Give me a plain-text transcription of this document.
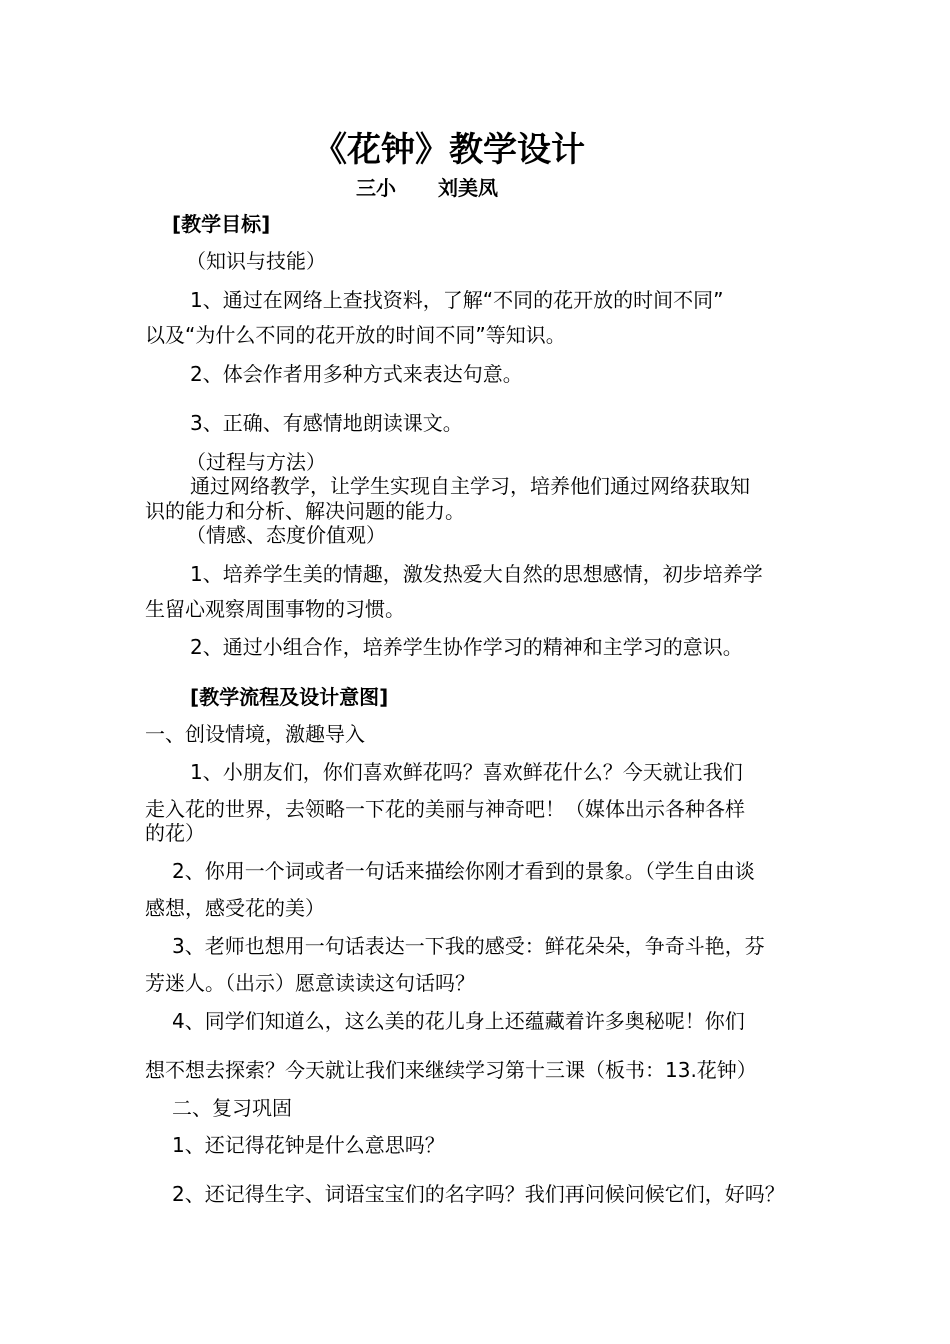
《花钟》教学设计
三小 刘美凤
[教学目标]
（知识与技能）
1、通过在网络上查找资料，了解“不同的花开放的时间不同”
以及“为什么不同的花开放的时间不同”等知识。
2、体会作者用多种方式来表达句意。
3、正确、有感情地朗读课文。
（过程与方法）
通过网络教学，让学生实现自主学习，培养他们通过网络获取知
识的能力和分析、解决问题的能力。
（情感、态度价值观）
1、培养学生美的情趣，激发热爱大自然的思想感情，初步培养学
生留心观察周围事物的习惯。
2、通过小组合作，培养学生协作学习的精神和主学习的意识。
[教学流程及设计意图]
一、创设情境，激趣导入
1、小朋友们，你们喜欢鲜花吗？喜欢鲜花什么？今天就让我们
走入花的世界，去领略一下花的美丽与神奇吧！（媒体出示各种各样
的花）
2、你用一个词或者一句话来描绘你刚才看到的景象。（学生自由谈
感想，感受花的美）
3、老师也想用一句话表达一下我的感受：鲜花朵朵，争奇斗艳，芬
芳迷人。（出示）愿意读读这句话吗？
4、同学们知道么，这么美的花儿身上还蕴藏着许多奥秘呢！你们
想不想去探索？今天就让我们来继续学习第十三课（板书：13.花钟）
二、复习巩固
1、还记得花钟是什么意思吗？
2、还记得生字、词语宝宝们的名字吗？我们再问候问候它们，好吗？
